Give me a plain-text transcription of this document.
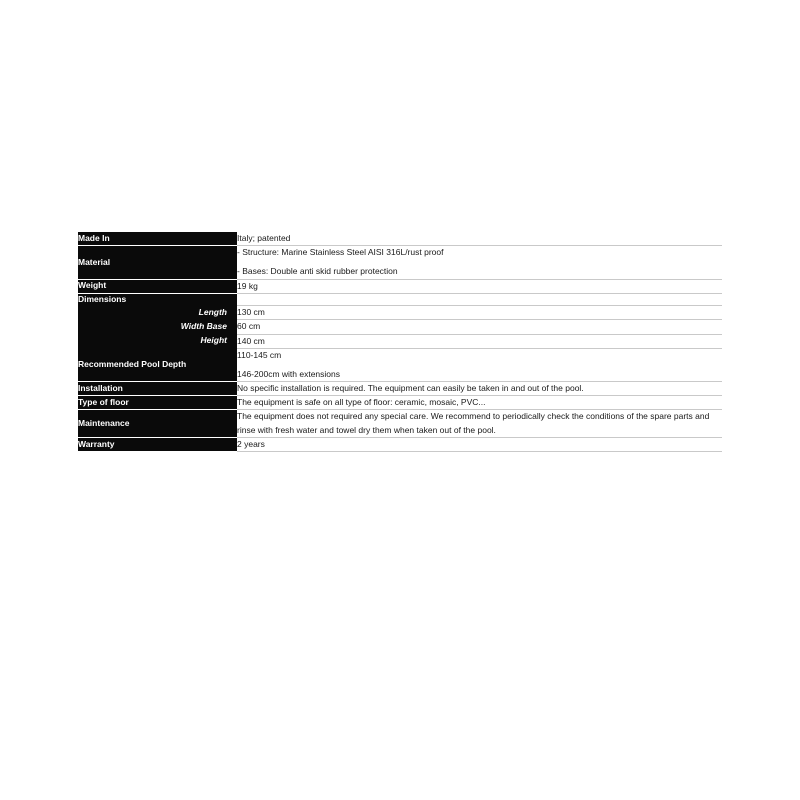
Made In	Italy; patented

Material	- Structure: Marine Stainless Steel AISI 316L/rust proof
- Bases: Double anti skid rubber protection

Weight	19 kg

Dimensions	

Length	130 cm

Width Base	60 cm

Height	140 cm

Recommended Pool Depth	110-145 cm
146-200cm with extensions

Installation	No specific installation is required. The equipment can easily be taken in and out of the pool.

Type of floor	The equipment is safe on all type of floor: ceramic, mosaic, PVC...

Maintenance	The equipment does not required any special care. We recommend to periodically check the conditions of the spare parts and rinse with fresh water and towel dry them when taken out of the pool.

Warranty	2 years
